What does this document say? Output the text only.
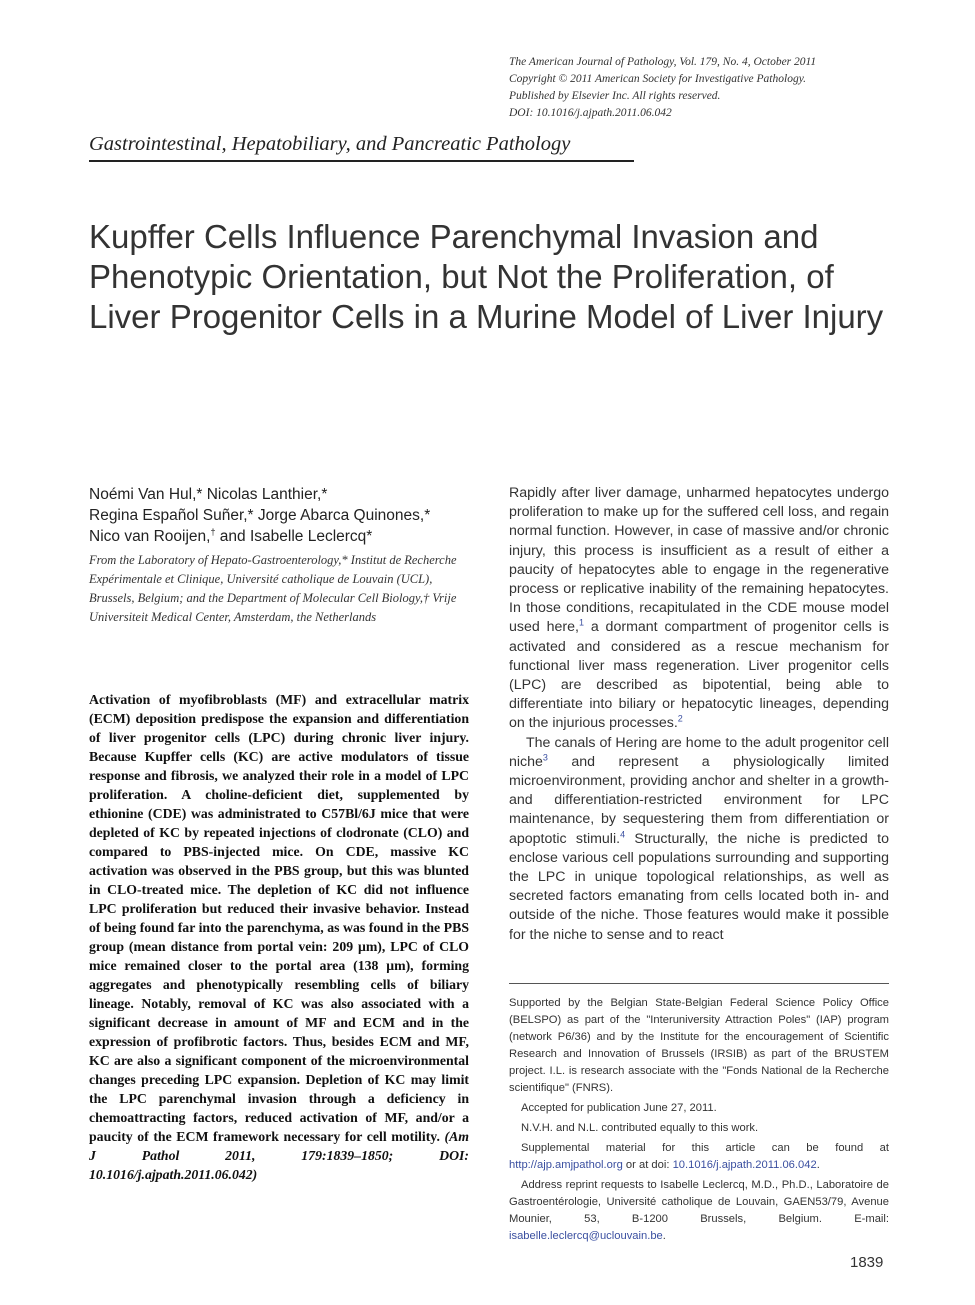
The American Journal of Pathology, Vol. 179, No. 4, October 2011
Copyright © 2011 American Society for Investigative Pathology.
Published by Elsevier Inc. All rights reserved.
DOI: 10.1016/j.ajpath.2011.06.042
Gastrointestinal, Hepatobiliary, and Pancreatic Pathology
Kupffer Cells Influence Parenchymal Invasion and Phenotypic Orientation, but Not the Proliferation, of Liver Progenitor Cells in a Murine Model of Liver Injury
Noémi Van Hul,* Nicolas Lanthier,*
Regina Español Suñer,* Jorge Abarca Quinones,*
Nico van Rooijen,† and Isabelle Leclercq*
From the Laboratory of Hepato-Gastroenterology,* Institut de Recherche Expérimentale et Clinique, Université catholique de Louvain (UCL), Brussels, Belgium; and the Department of Molecular Cell Biology,† Vrije Universiteit Medical Center, Amsterdam, the Netherlands
Activation of myofibroblasts (MF) and extracellular matrix (ECM) deposition predispose the expansion and differentiation of liver progenitor cells (LPC) during chronic liver injury. Because Kupffer cells (KC) are active modulators of tissue response and fibrosis, we analyzed their role in a model of LPC proliferation. A choline-deficient diet, supplemented by ethionine (CDE) was administrated to C57Bl/6J mice that were depleted of KC by repeated injections of clodronate (CLO) and compared to PBS-injected mice. On CDE, massive KC activation was observed in the PBS group, but this was blunted in CLO-treated mice. The depletion of KC did not influence LPC proliferation but reduced their invasive behavior. Instead of being found far into the parenchyma, as was found in the PBS group (mean distance from portal vein: 209 μm), LPC of CLO mice remained closer to the portal area (138 μm), forming aggregates and phenotypically resembling cells of biliary lineage. Notably, removal of KC was also associated with a significant decrease in amount of MF and ECM and in the expression of profibrotic factors. Thus, besides ECM and MF, KC are also a significant component of the microenvironmental changes preceding LPC expansion. Depletion of KC may limit the LPC parenchymal invasion through a deficiency in chemoattracting factors, reduced activation of MF, and/or a paucity of the ECM framework necessary for cell motility. (Am J Pathol 2011, 179:1839–1850; DOI: 10.1016/j.ajpath.2011.06.042)

Rapidly after liver damage, unharmed hepatocytes undergo proliferation to make up for the suffered cell loss, and regain normal function. However, in case of massive and/or chronic injury, this process is insufficient as a result of either a paucity of hepatocytes able to engage in the regenerative process or replicative inability of the remaining hepatocytes. In those conditions, recapitulated in the CDE mouse model used here,$^1$ a dormant compartment of progenitor cells is activated and considered as a rescue mechanism for functional liver mass regeneration. Liver progenitor cells (LPC) are described as bipotential, being able to differentiate into biliary or hepatocytic lineages, depending on the injurious processes.$^2$

The canals of Hering are home to the adult progenitor cell niche$^3$ and represent a physiologically limited microenvironment, providing anchor and shelter in a growth- and differentiation-restricted environment for LPC maintenance, by sequestering them from differentiation or apoptotic stimuli.$^4$ Structurally, the niche is predicted to enclose various cell populations surrounding and supporting the LPC in unique topological relationships, as well as secreted factors emanating from cells located both in- and outside of the niche. Those features would make it possible for the niche to sense and to react

Supported by the Belgian State-Belgian Federal Science Policy Office (BELSPO) as part of the "Interuniversity Attraction Poles" (IAP) program (network P6/36) and by the Institute for the encouragement of Scientific Research and Innovation of Brussels (IRSIB) as part of the BRUSTEM project. I.L. is research associate with the "Fonds National de la Recherche scientifique" (FNRS).

Accepted for publication June 27, 2011.

N.V.H. and N.L. contributed equally to this work.

Supplemental material for this article can be found at http://ajp.amjpathol.org or at doi: 10.1016/j.ajpath.2011.06.042.

Address reprint requests to Isabelle Leclercq, M.D., Ph.D., Laboratoire de Gastroentérologie, Université catholique de Louvain, GAEN53/79, Avenue Mounier, 53, B-1200 Brussels, Belgium. E-mail: isabelle.leclercq@uclouvain.be.

1839
